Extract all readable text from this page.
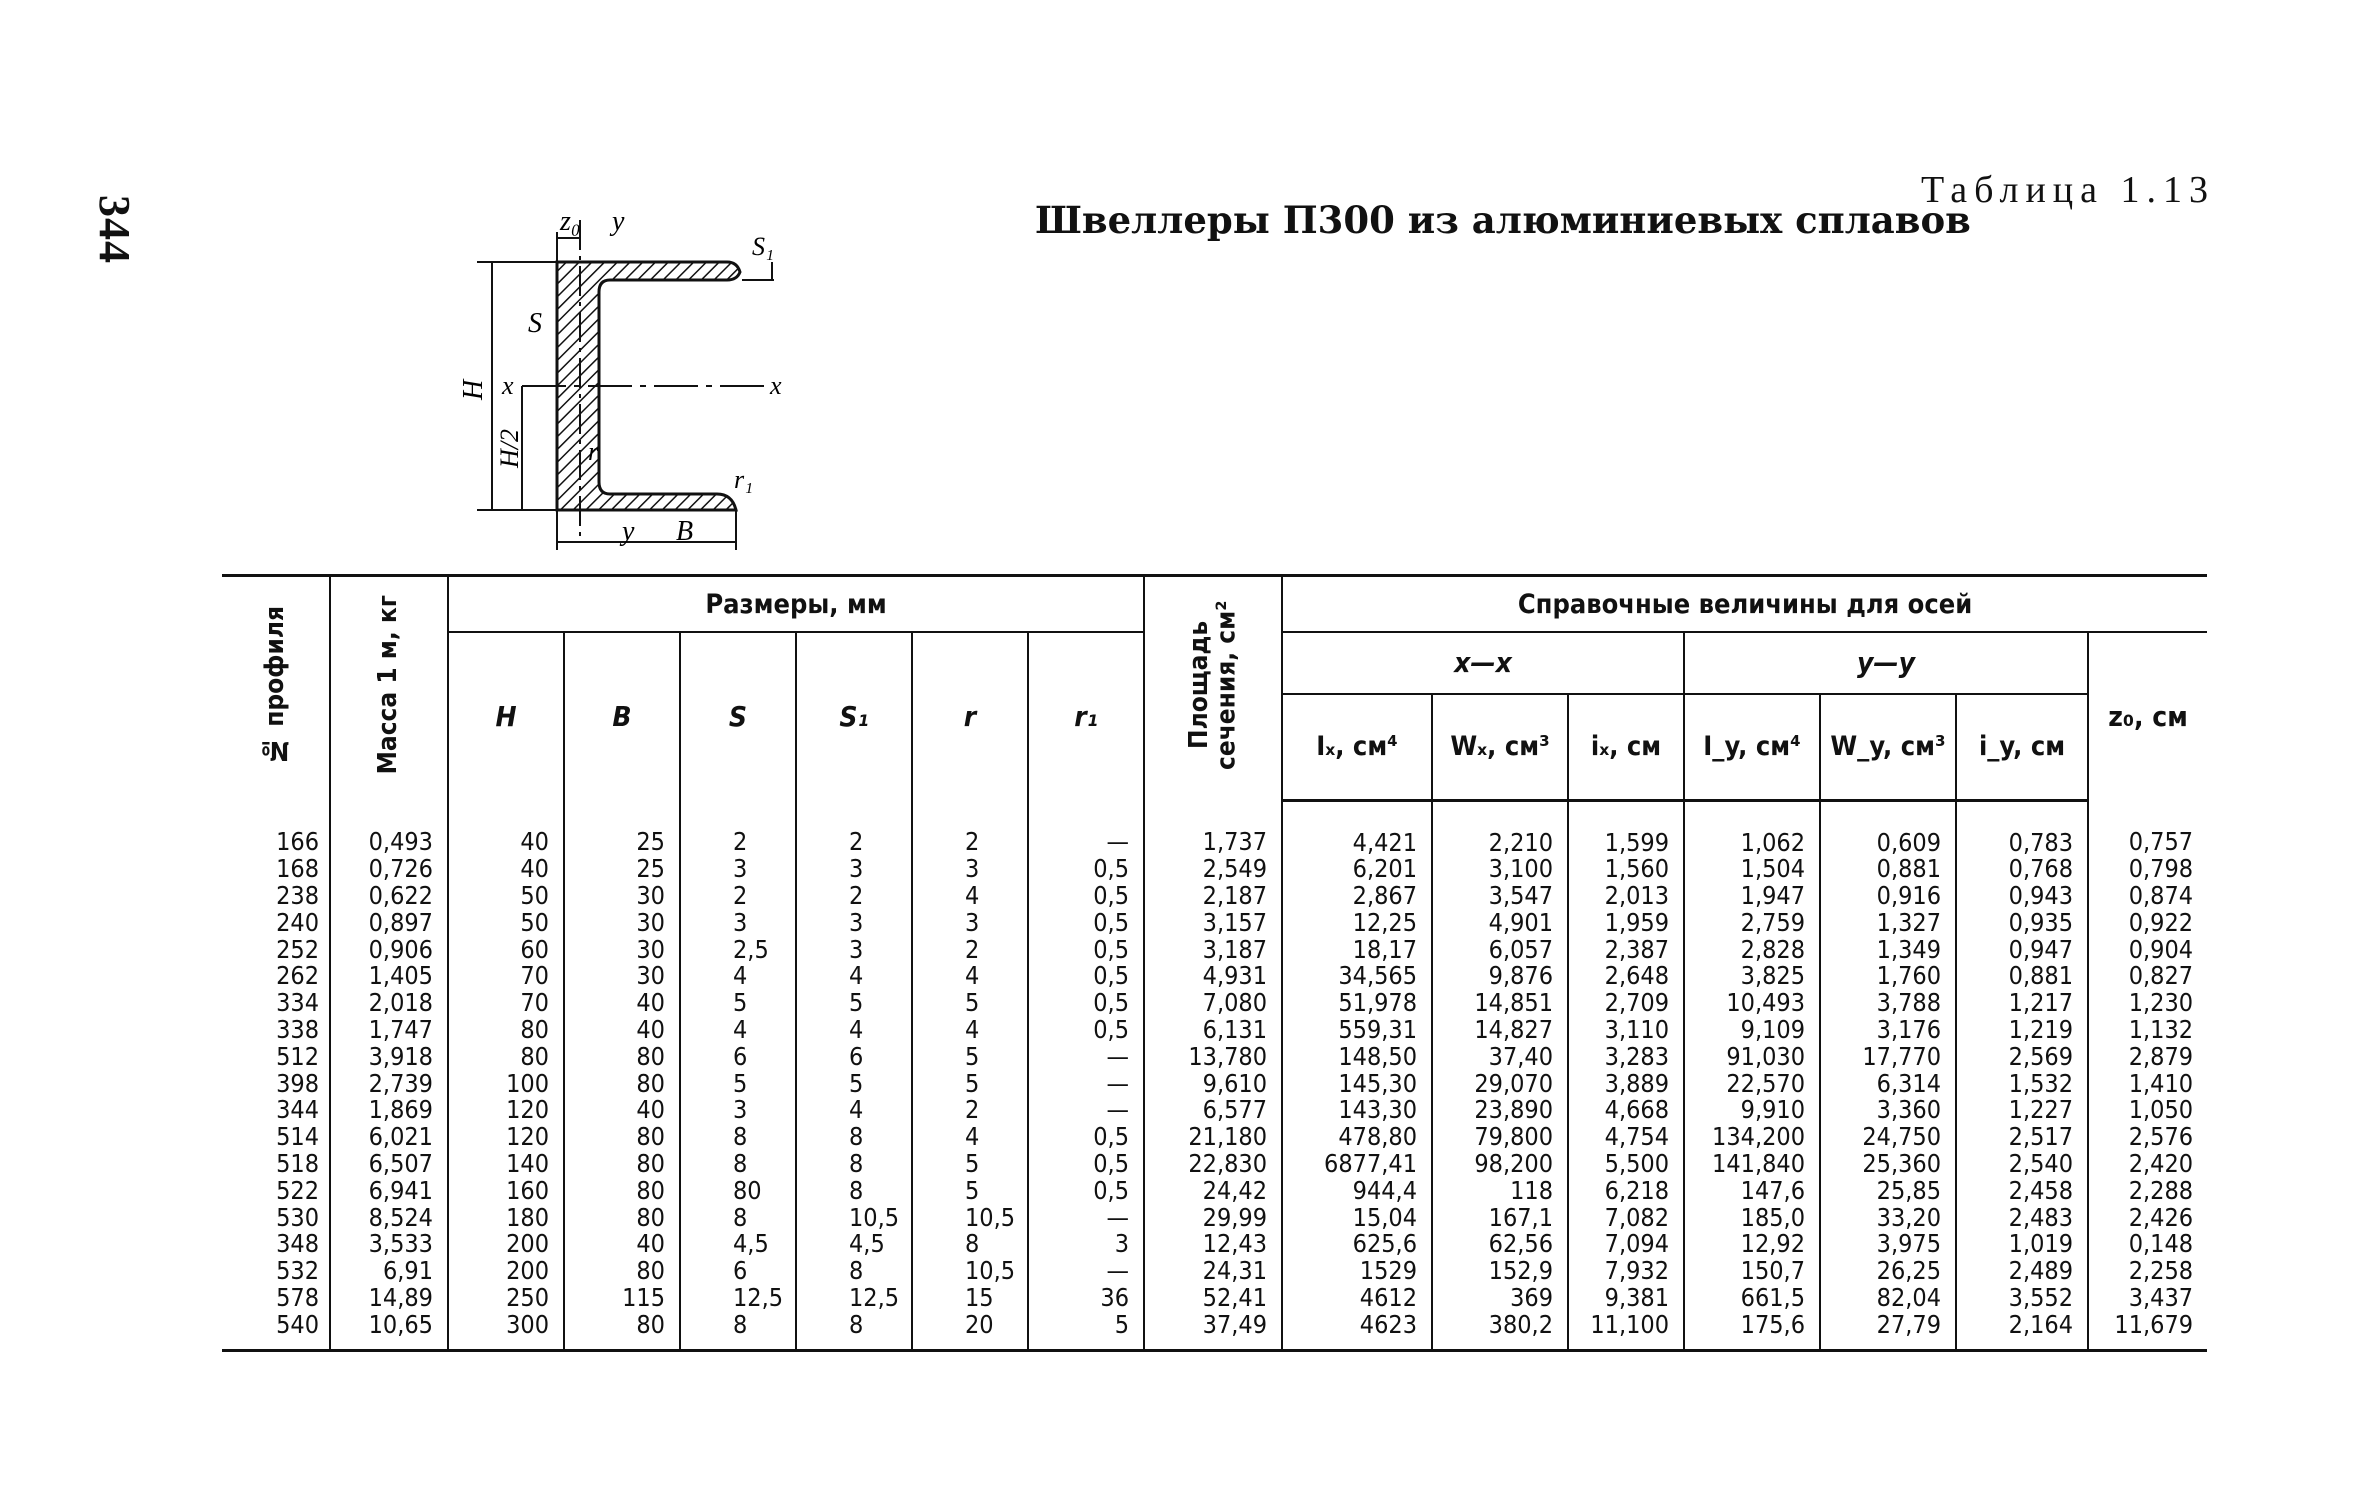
344
Таблица 1.13
Швеллеры П300 из алюминиевых сплавов
z₀ y
S₁
S
x	x
H
H/2 r
r₁
y B
№ профиля	Масса 1 м, кг	Размеры, мм						Площадь сечения, см²	Справочные величины для осей						
		H	B	S	S₁	r	r₁		x—x			y—y			z₀, см
									Iₓ, см⁴	Wₓ, см³	iₓ, см	I_y, см⁴	W_y, см³	i_y, см	
166	0,493	40	25	2	2	2	—	1,737	4,421	2,210	1,599	1,062	0,609	0,783	0,757
168	0,726	40	25	3	3	3	0,5	2,549	6,201	3,100	1,560	1,504	0,881	0,768	0,798
238	0,622	50	30	2	2	4	0,5	2,187	2,867	3,547	2,013	1,947	0,916	0,943	0,874
240	0,897	50	30	3	3	3	0,5	3,157	12,25	4,901	1,959	2,759	1,327	0,935	0,922
252	0,906	60	30	2,5	3	2	0,5	3,187	18,17	6,057	2,387	2,828	1,349	0,947	0,904
262	1,405	70	30	4	4	4	0,5	4,931	34,565	9,876	2,648	3,825	1,760	0,881	0,827
334	2,018	70	40	5	5	5	0,5	7,080	51,978	14,851	2,709	10,493	3,788	1,217	1,230
338	1,747	80	40	4	4	4	0,5	6,131	559,31	14,827	3,110	9,109	3,176	1,219	1,132
512	3,918	80	80	6	6	5	—	13,780	148,50	37,40	3,283	91,030	17,770	2,569	2,879
398	2,739	100	80	5	5	5	—	9,610	145,30	29,070	3,889	22,570	6,314	1,532	1,410
344	1,869	120	40	3	4	2	—	6,577	143,30	23,890	4,668	9,910	3,360	1,227	1,050
514	6,021	120	80	8	8	4	0,5	21,180	478,80	79,800	4,754	134,200	24,750	2,517	2,576
518	6,507	140	80	8	8	5	0,5	22,830	6877,41	98,200	5,500	141,840	25,360	2,540	2,420
522	6,941	160	80	80	8	5	0,5	24,42	944,4	118	6,218	147,6	25,85	2,458	2,288
530	8,524	180	80	8	10,5	10,5	—	29,99	15,04	167,1	7,082	185,0	33,20	2,483	2,426
348	3,533	200	40	4,5	4,5	8	3	12,43	625,6	62,56	7,094	12,92	3,975	1,019	0,148
532	6,91	200	80	6	8	10,5	—	24,31	1529	152,9	7,932	150,7	26,25	2,489	2,258
578	14,89	250	115	12,5	12,5	15	36	52,41	4612	369	9,381	661,5	82,04	3,552	3,437
540	10,65	300	80	8	8	20	5	37,49	4623	380,2	11,100	175,6	27,79	2,164	11,679
